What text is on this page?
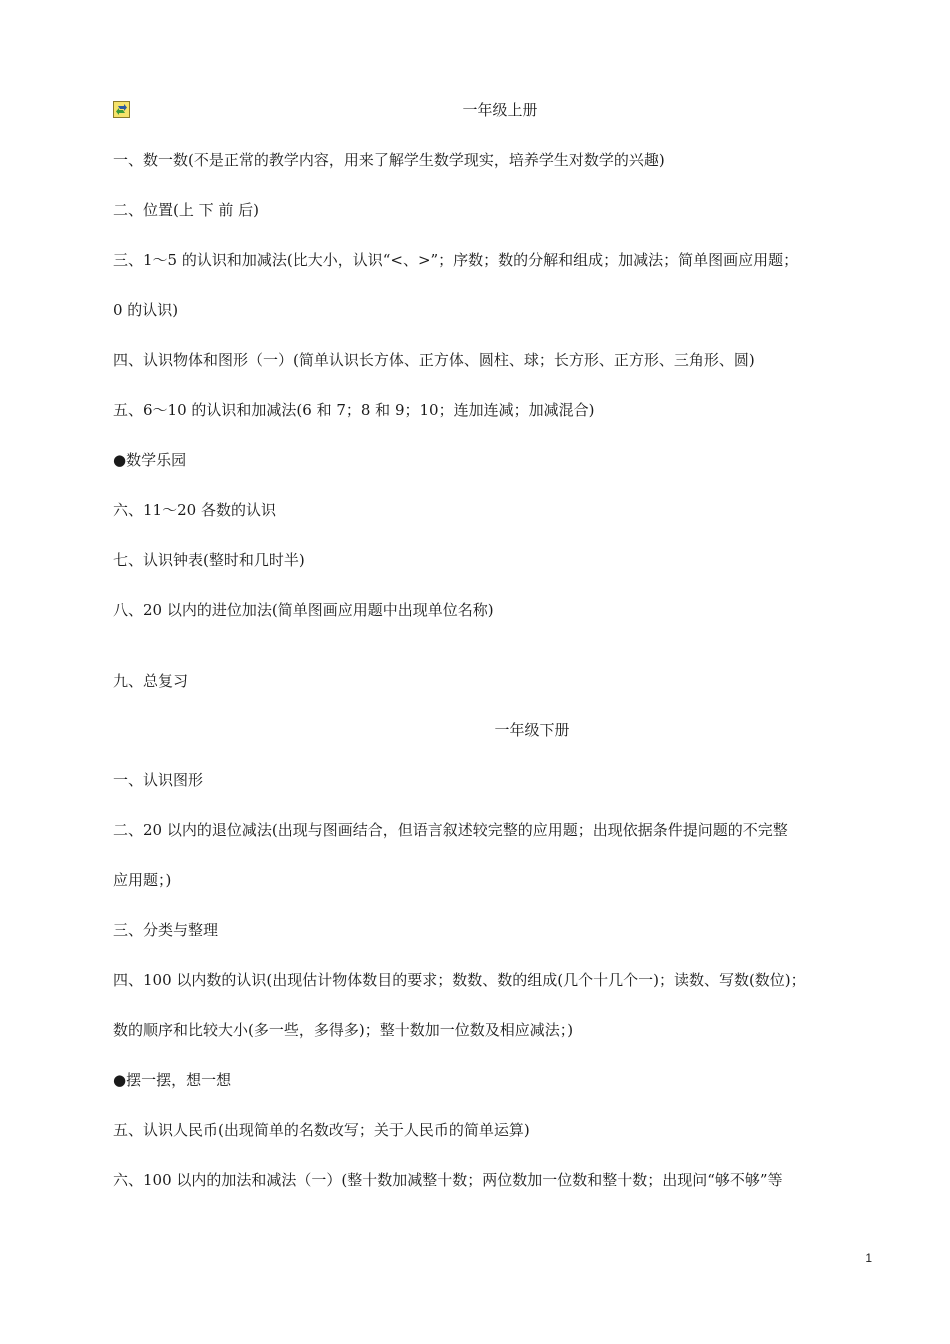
一年级上册
一、数一数(不是正常的教学内容，用来了解学生数学现实，培养学生对数学的兴趣)
二、位置(上 下 前 后)
三、1～5 的认识和加减法(比大小，认识“<、>”；序数；数的分解和组成；加减法；简单图画应用题；
0 的认识)
四、认识物体和图形（一）(简单认识长方体、正方体、圆柱、球；长方形、正方形、三角形、圆)
五、6～10 的认识和加减法(6 和 7；8 和 9；10；连加连减；加减混合)
●数学乐园
六、11～20 各数的认识
七、认识钟表(整时和几时半)
八、20 以内的进位加法(简单图画应用题中出现单位名称)
九、总复习
一年级下册
一、认识图形
二、20 以内的退位减法(出现与图画结合，但语言叙述较完整的应用题；出现依据条件提问题的不完整
应用题；)
三、分类与整理
四、100 以内数的认识(出现估计物体数目的要求；数数、数的组成(几个十几个一)；读数、写数(数位)；
数的顺序和比较大小(多一些，多得多)；整十数加一位数及相应减法；)
●摆一摆，想一想
五、认识人民币(出现简单的名数改写；关于人民币的简单运算)
六、100 以内的加法和减法（一）(整十数加减整十数；两位数加一位数和整十数；出现问“够不够”等
1
